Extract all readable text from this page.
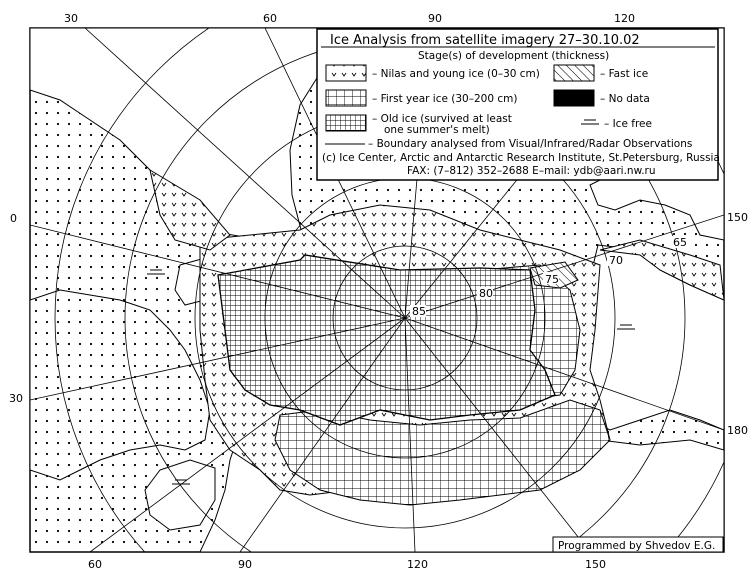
85
80
75
70
65
30	60	90	120
0
30
150
180
60	90	120	150
Ice Analysis from satellite imagery 27–30.10.02
Stage(s) of development (thickness)
– Nilas and young ice (0–30 cm)	– Fast ice
– First year ice (30–200 cm)	– No data
– Old ice (survived at least
one summer's melt)	– Ice free
– Boundary analysed from Visual/Infrared/Radar Observations
(c) Ice Center, Arctic and Antarctic Research Institute, St.Petersburg, Russia
FAX: (7–812) 352–2688 E–mail: ydb@aari.nw.ru
Programmed by Shvedov E.G.
